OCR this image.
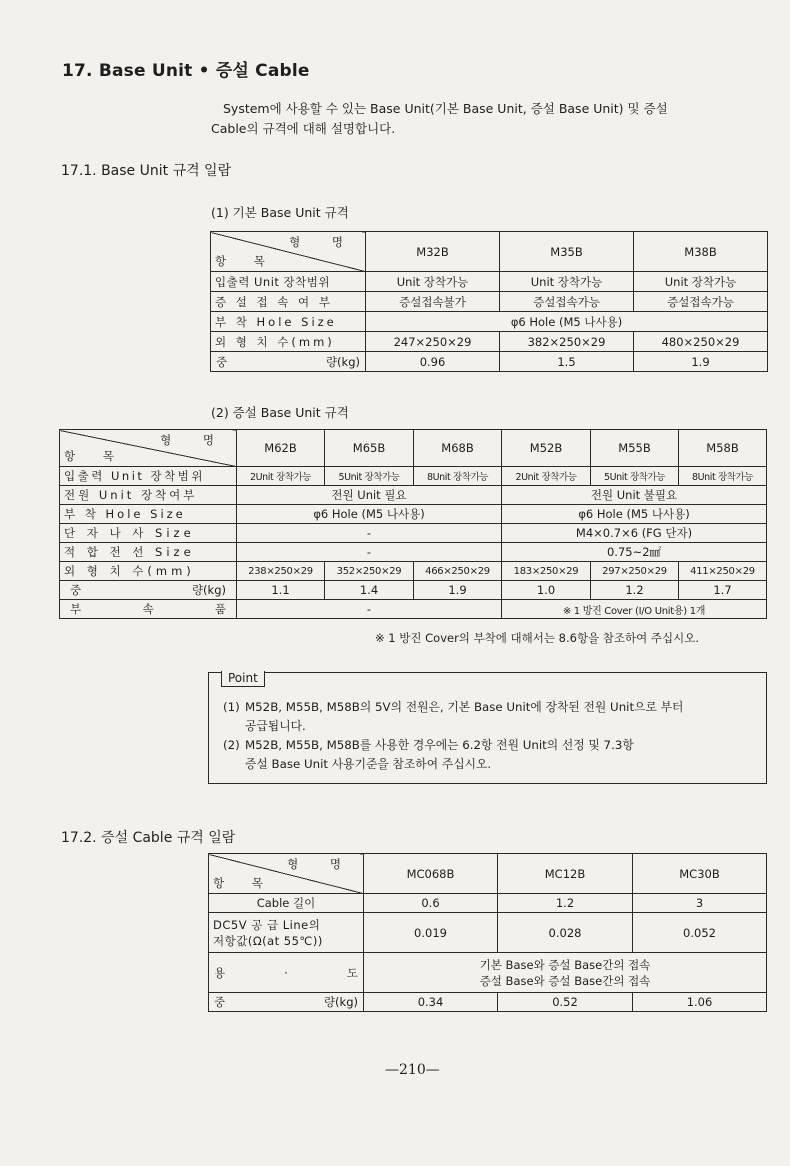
17. Base Unit • 증설 Cable

System에 사용할 수 있는 Base Unit(기본 Base Unit, 증설 Base Unit) 및 증설

Cable의 규격에 대해 설명합니다.

17.1. Base Unit 규격 일람
(1) 기본 Base Unit 규격
형 명
항 목	M32B	M35B	M38B
입출력 Unit 장착범위	Unit 장착가능	Unit 장착가능	Unit 장착가능
증 설 접 속 여 부	증설접속불가	증설접속가능	증설접속가능
부 착 Hole Size	φ6 Hole (M5 나사용)		
외 형 치 수(mm)	247×250×29	382×250×29	480×250×29
중 량(kg)	0.96	1.5	1.9
(2) 증설 Base Unit 규격
형 명
항 목	M62B	M65B	M68B	M52B	M55B	M58B
입출력 Unit 장착범위	2Unit 장착가능	5Unit 장착가능	8Unit 장착가능	2Unit 장착가능	5Unit 장착가능	8Unit 장착가능
전원 Unit 장착여부	전원 Unit 필요			전원 Unit 불필요		
부 착 Hole Size	φ6 Hole (M5 나사용)			φ6 Hole (M5 나사용)		
단 자 나 사 Size	-			M4×0.7×6 (FG 단자)		
적 합 전 선 Size	-			0.75~2㎟		
외 형 치 수(mm)	238×250×29	352×250×29	466×250×29	183×250×29	297×250×29	411×250×29
중 량(kg)	1.1	1.4	1.9	1.0	1.2	1.7
부 속 품	-			※ 1 방진 Cover (I/O Unit용) 1개		
※ 1 방진 Cover의 부착에 대해서는 8.6항을 참조하여 주십시오.
Point

(1) M52B, M55B, M58B의 5V의 전원은, 기본 Base Unit에 장착된 전원 Unit으로 부터

공급됩니다.

(2) M52B, M55B, M58B를 사용한 경우에는 6.2항 전원 Unit의 선정 및 7.3항

증설 Base Unit 사용기준을 참조하여 주십시오.

17.2. 증설 Cable 규격 일람
형 명
항 목	MC068B	MC12B	MC30B
Cable 길이	0.6	1.2	3

DC5V 공 급 Line의
저항값(Ω(at 55℃))	0.019	0.028	0.052
용 · 도	기본 Base와 증설 Base간의 접속
증설 Base와 증설 Base간의 접속		

중 량(kg)	0.34	0.52	1.06
—210—
